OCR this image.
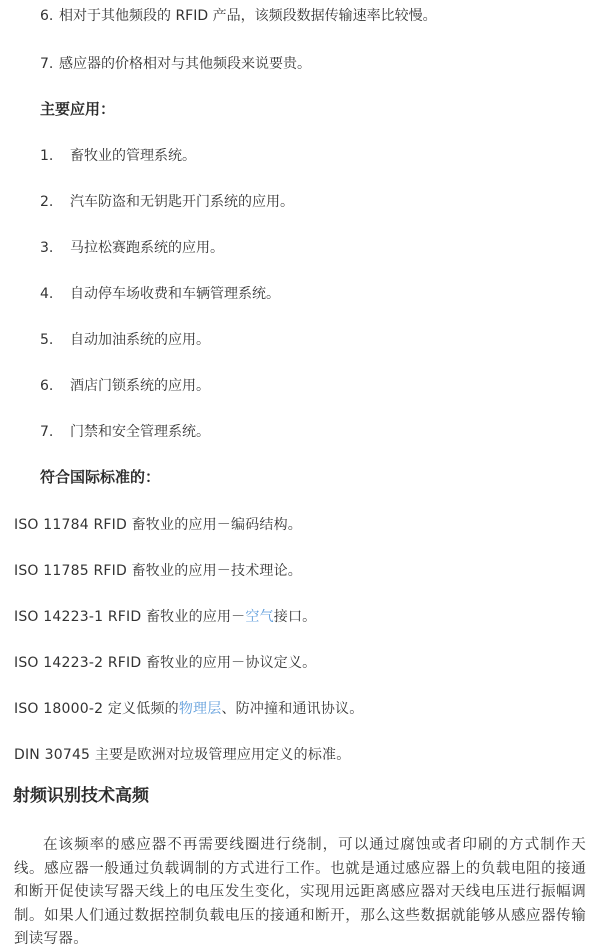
6. 相对于其他频段的 RFID 产品，该频段数据传输速率比较慢。
7. 感应器的价格相对与其他频段来说要贵。
主要应用：
1.	畜牧业的管理系统。
2.	汽车防盗和无钥匙开门系统的应用。
3.	马拉松赛跑系统的应用。
4.	自动停车场收费和车辆管理系统。
5.	自动加油系统的应用。
6.	酒店门锁系统的应用。
7.	门禁和安全管理系统。
符合国际标准的：
ISO 11784 RFID 畜牧业的应用－编码结构。
ISO 11785 RFID 畜牧业的应用－技术理论。
ISO 14223-1 RFID 畜牧业的应用－空气接口。
ISO 14223-2 RFID 畜牧业的应用－协议定义。
ISO 18000-2 定义低频的物理层、防冲撞和通讯协议。
DIN 30745 主要是欧洲对垃圾管理应用定义的标准。
射频识别技术高频
在该频率的感应器不再需要线圈进行绕制，可以通过腐蚀或者印刷的方式制作天线。感应器一般通过负载调制的方式进行工作。也就是通过感应器上的负载电阻的接通和断开促使读写器天线上的电压发生变化，实现用远距离感应器对天线电压进行振幅调制。如果人们通过数据控制负载电压的接通和断开，那么这些数据就能够从感应器传输到读写器。
